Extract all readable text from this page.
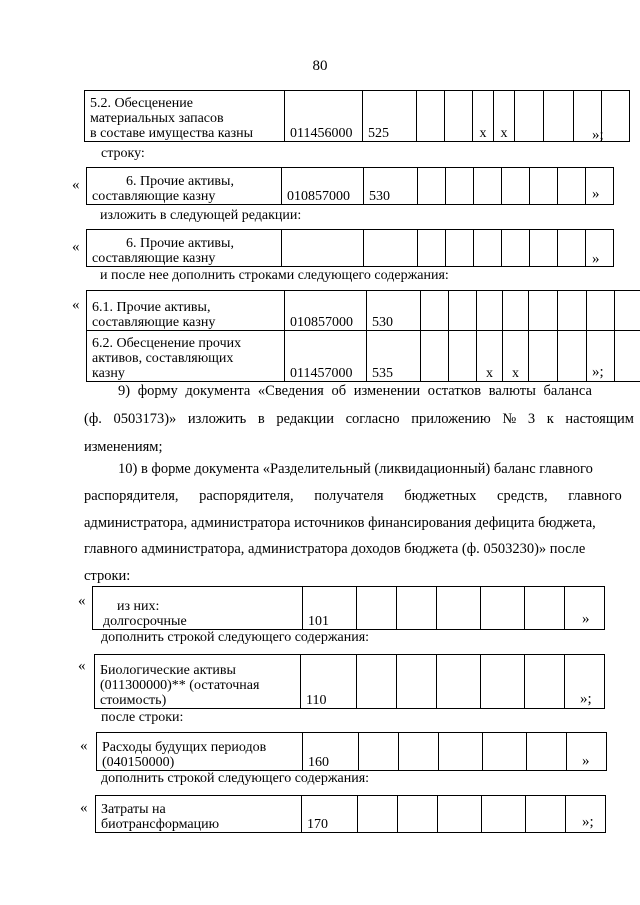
80
5.2. Обесценение
материальных запасов
в составе имущества казны	011456000	525			х	х					»;
строку:
«	6. Прочие активы,
составляющие казну	010857000	530								»
изложить в следующей редакции:
«	6. Прочие активы,
составляющие казну										»
и после нее дополнить строками следующего содержания:
« 6.1. Прочие активы,
составляющие казну	010857000	530								
6.2. Обесценение прочих
активов, составляющих
казну	011457000	535			х	х					»;
9) форму документа «Сведения об изменении остатков валюты баланса
(ф. 0503173)» изложить в редакции согласно приложению № 3 к настоящим
изменениям;
10) в форме документа «Разделительный (ликвидационный) баланс главного
распорядителя, распорядителя, получателя бюджетных средств, главного
администратора, администратора источников финансирования дефицита бюджета,
главного администратора, администратора доходов бюджета (ф. 0503230)» после
строки:
« из них:
долгосрочные	101							»
дополнить строкой следующего содержания:
« Биологические активы
(011300000)** (остаточная
стоимость)	110							»;
после строки:
« Расходы будущих периодов
(040150000)	160							»
дополнить строкой следующего содержания:
« Затраты на
биотрансформацию	170							»;
